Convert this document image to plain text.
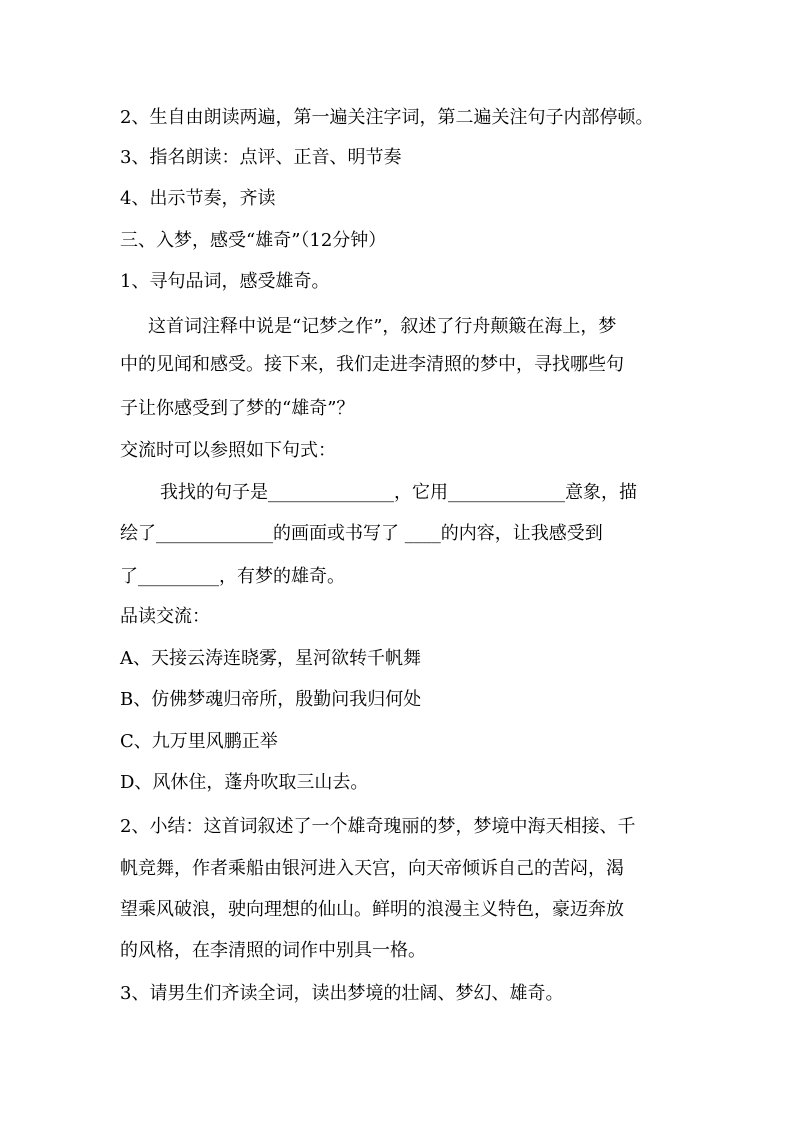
2、生自由朗读两遍，第一遍关注字词，第二遍关注句子内部停顿。
3、指名朗读：点评、正音、明节奏
4、出示节奏，齐读
三、入梦，感受“雄奇”（12分钟）
1、寻句品词，感受雄奇。
这首词注释中说是“记梦之作”，叙述了行舟颠簸在海上，梦
中的见闻和感受。接下来，我们走进李清照的梦中，寻找哪些句
子让你感受到了梦的“雄奇”？
交流时可以参照如下句式：
我找的句子是______________，它用_____________意象，描
绘了_____________的画面或书写了 ____的内容，让我感受到
了_________，有梦的雄奇。
品读交流：
A、天接云涛连晓雾，星河欲转千帆舞
B、仿佛梦魂归帝所，殷勤问我归何处
C、九万里风鹏正举
D、风休住，蓬舟吹取三山去。
2、小结：这首词叙述了一个雄奇瑰丽的梦，梦境中海天相接、千
帆竞舞，作者乘船由银河进入天宫，向天帝倾诉自己的苦闷，渴
望乘风破浪，驶向理想的仙山。鲜明的浪漫主义特色，豪迈奔放
的风格，在李清照的词作中别具一格。
3、请男生们齐读全词，读出梦境的壮阔、梦幻、雄奇。
